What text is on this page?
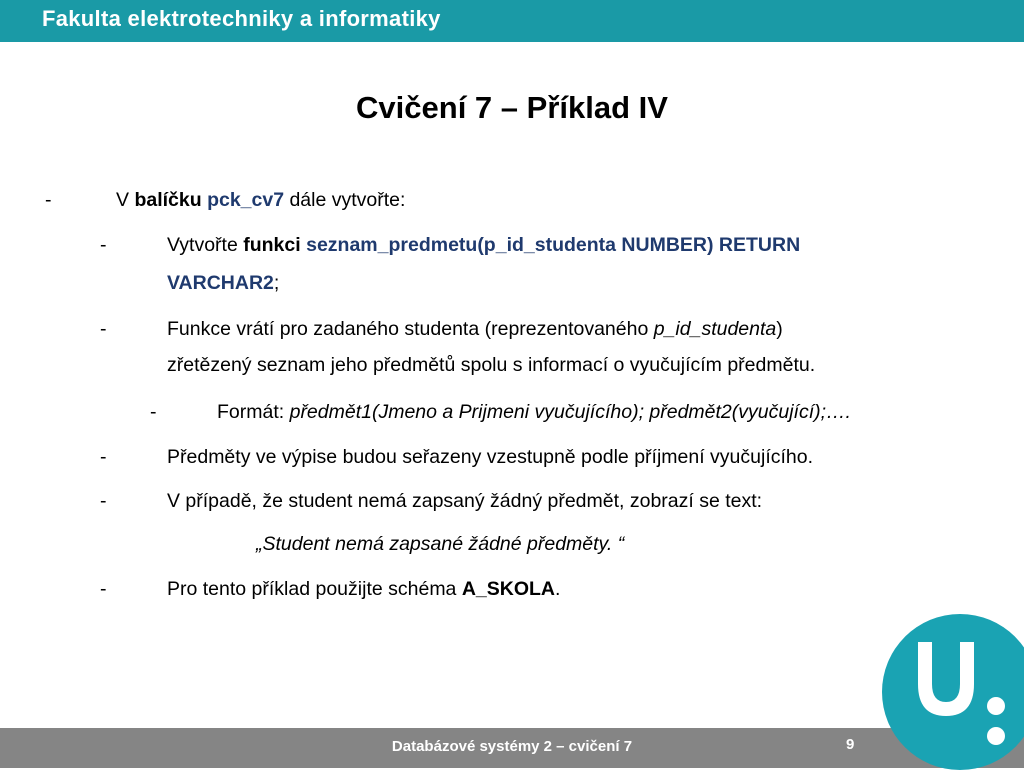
Fakulta elektrotechniky a informatiky
Cvičení 7 – Příklad IV
-	V balíčku pck_cv7 dále vytvořte:
-	Vytvořte funkci seznam_predmetu(p_id_studenta NUMBER) RETURN
VARCHAR2;
-	Funkce vrátí pro zadaného studenta (reprezentovaného p_id_studenta)
zřetězený seznam jeho předmětů spolu s informací o vyučujícím předmětu.
-	Formát: předmět1(Jmeno a Prijmeni vyučujícího); předmět2(vyučující);….
-	Předměty ve výpise budou seřazeny vzestupně podle příjmení vyučujícího.
-	V případě, že student nemá zapsaný žádný předmět, zobrazí se text:
„Student nemá zapsané žádné předměty. “
-	Pro tento příklad použijte schéma A_SKOLA.
Databázové systémy 2 – cvičení 7	9
